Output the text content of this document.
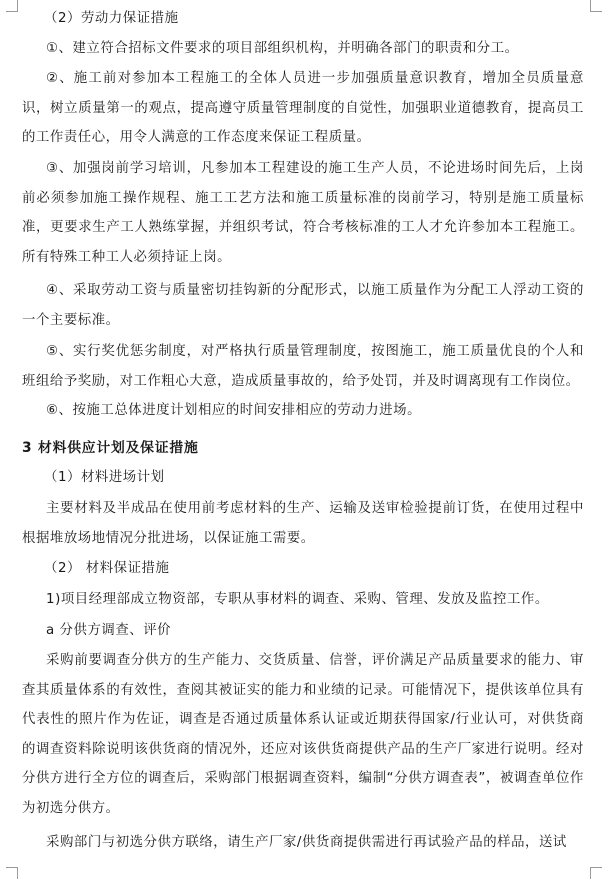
（2）劳动力保证措施

①、建立符合招标文件要求的项目部组织机构，并明确各部门的职责和分工。

②、施工前对参加本工程施工的全体人员进一步加强质量意识教育，增加全员质量意识，树立质量第一的观点，提高遵守质量管理制度的自觉性，加强职业道德教育，提高员工的工作责任心，用令人满意的工作态度来保证工程质量。

③、加强岗前学习培训，凡参加本工程建设的施工生产人员，不论进场时间先后，上岗前必须参加施工操作规程、施工工艺方法和施工质量标准的岗前学习，特别是施工质量标准，更要求生产工人熟练掌握，并组织考试，符合考核标准的工人才允许参加本工程施工。所有特殊工种工人必须持证上岗。

④、采取劳动工资与质量密切挂钩新的分配形式，以施工质量作为分配工人浮动工资的一个主要标准。

⑤、实行奖优惩劣制度，对严格执行质量管理制度，按图施工，施工质量优良的个人和班组给予奖励，对工作粗心大意，造成质量事故的，给予处罚，并及时调离现有工作岗位。

⑥、按施工总体进度计划相应的时间安排相应的劳动力进场。

3 材料供应计划及保证措施

（1）材料进场计划

主要材料及半成品在使用前考虑材料的生产、运输及送审检验提前订货，在使用过程中根据堆放场地情况分批进场，以保证施工需要。

（2） 材料保证措施

1)项目经理部成立物资部，专职从事材料的调查、采购、管理、发放及监控工作。

a 分供方调查、评价

采购前要调查分供方的生产能力、交货质量、信誉，评价满足产品质量要求的能力、审查其质量体系的有效性，查阅其被证实的能力和业绩的记录。可能情况下，提供该单位具有代表性的照片作为佐证，调查是否通过质量体系认证或近期获得国家/行业认可，对供货商的调查资料除说明该供货商的情况外，还应对该供货商提供产品的生产厂家进行说明。经对分供方进行全方位的调查后，采购部门根据调查资料，编制“分供方调查表”，被调查单位作为初选分供方。

采购部门与初选分供方联络，请生产厂家/供货商提供需进行再试验产品的样品，送试
